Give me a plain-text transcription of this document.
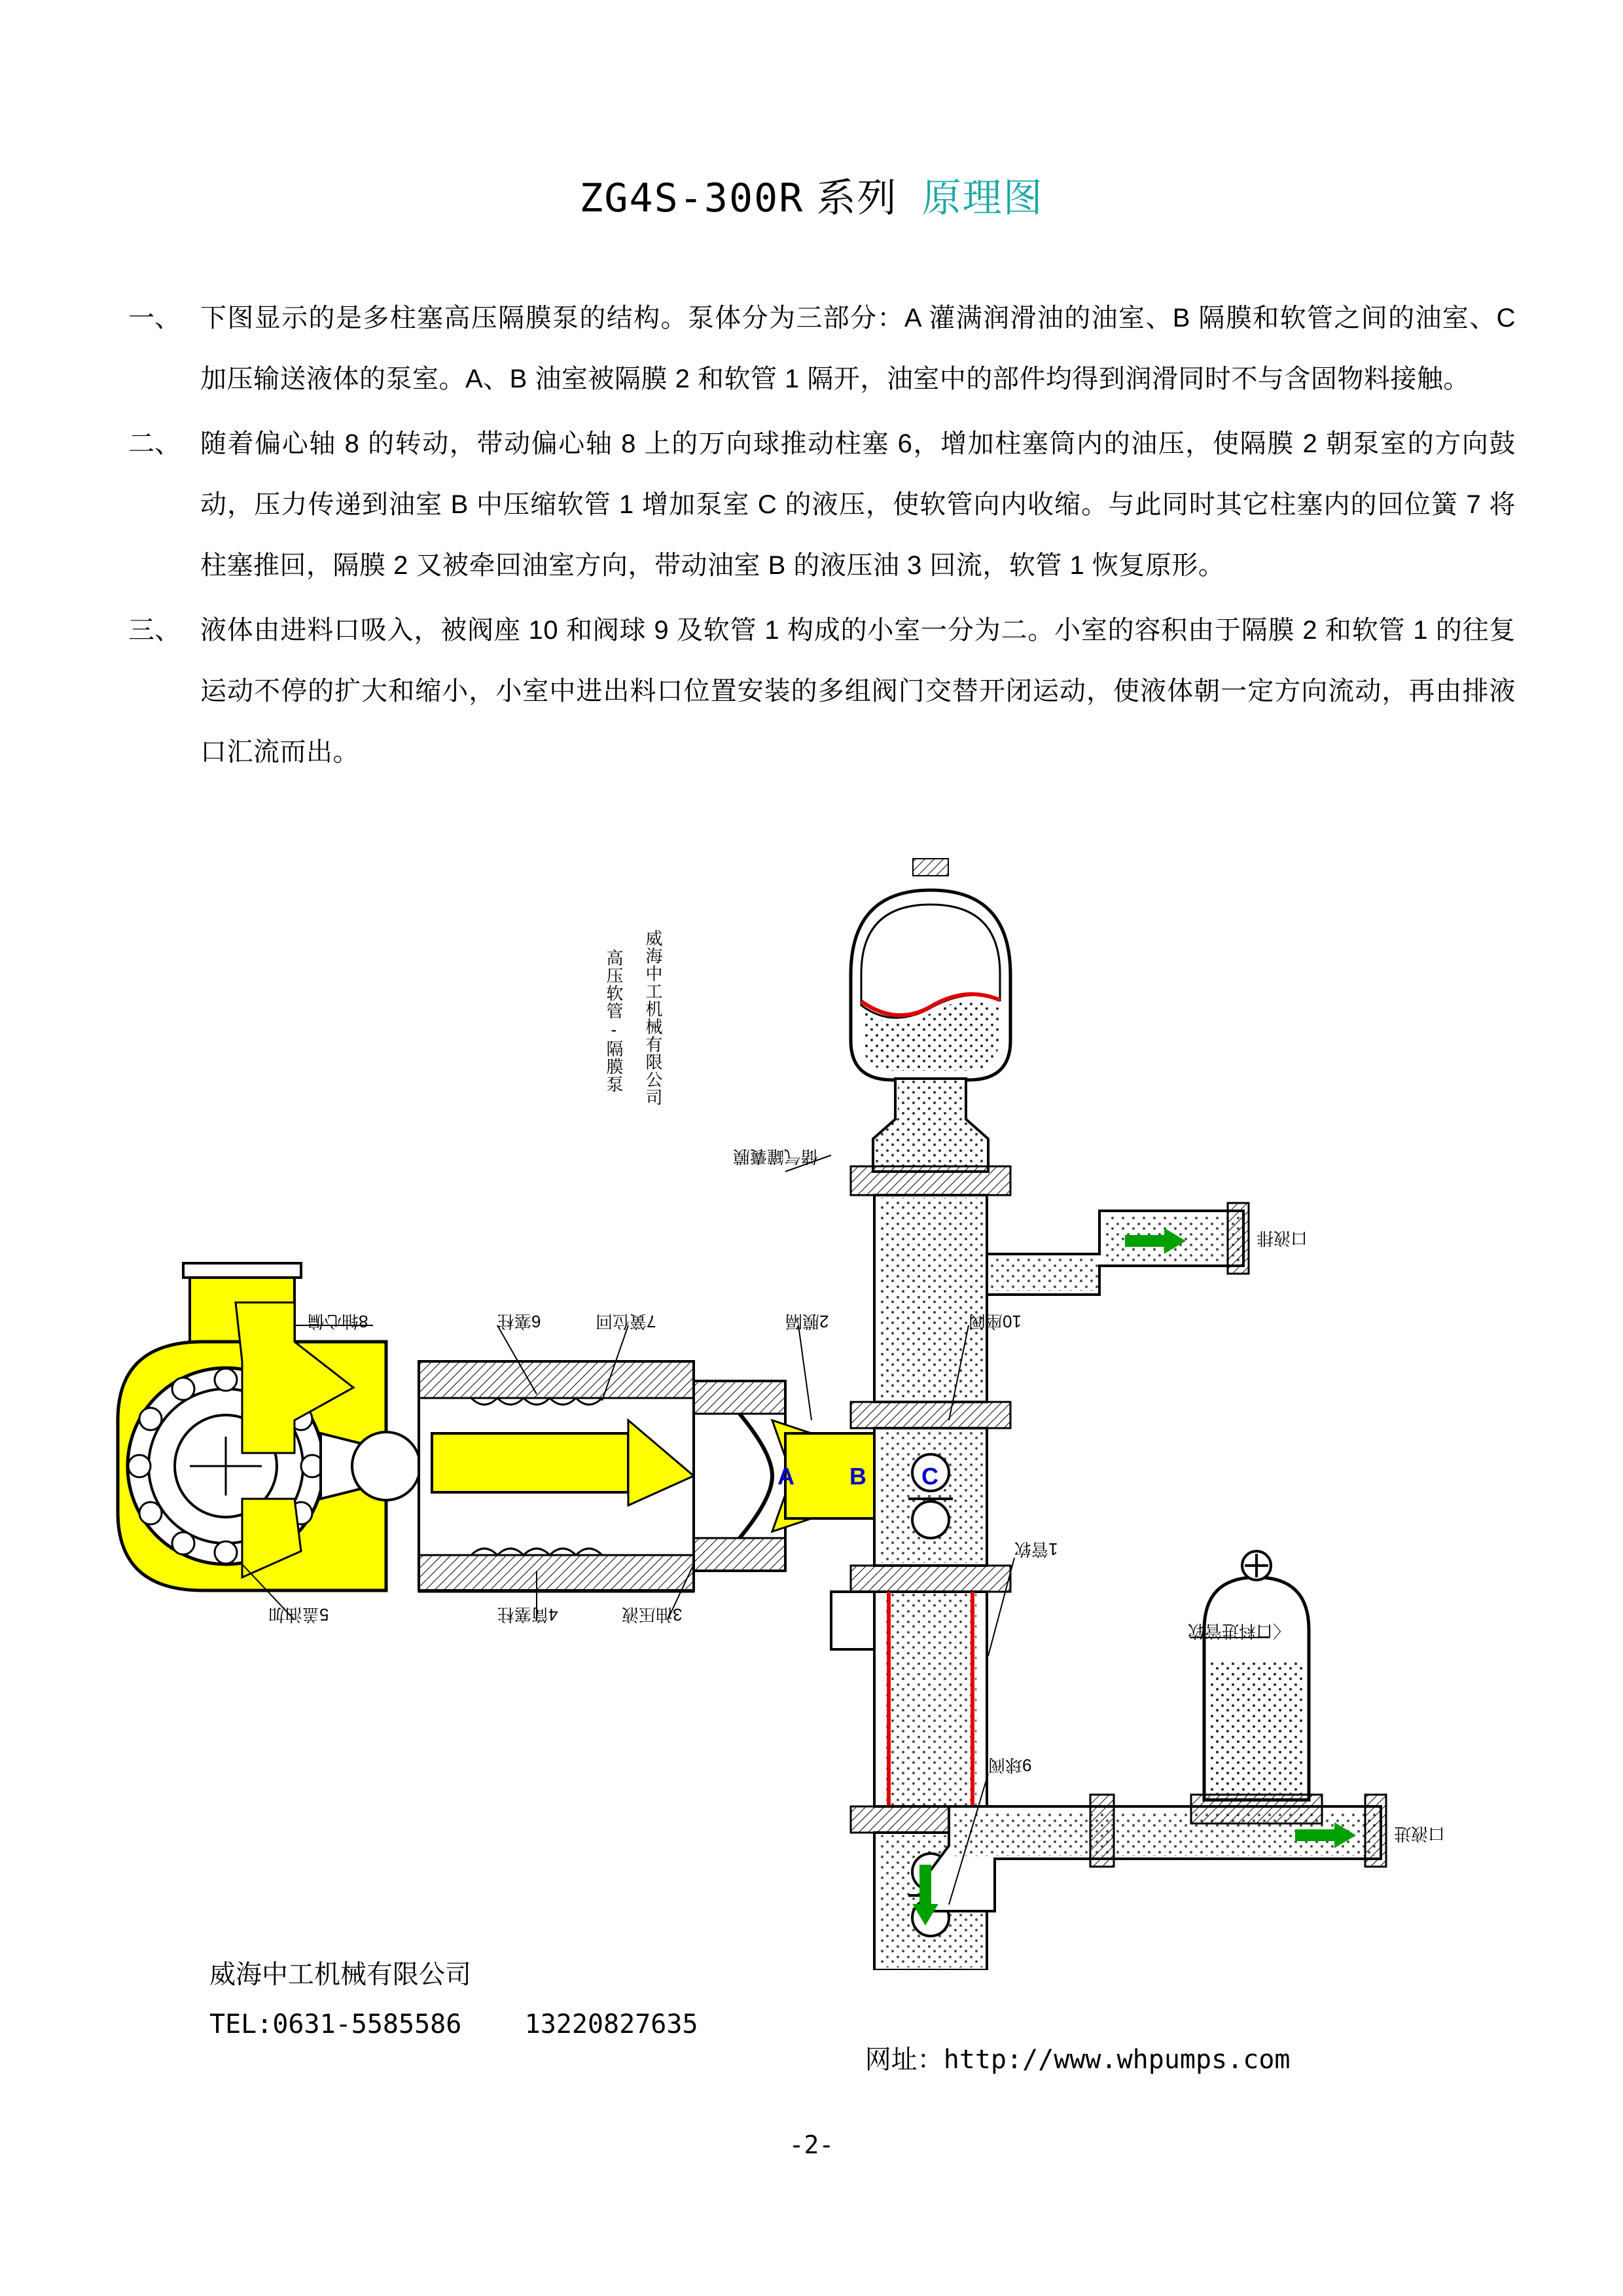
ZG4S-300R 系列 原理图
一、 下图显示的是多柱塞高压隔膜泵的结构。泵体分为三部分：A 灌满润滑油的油室、B 隔膜和软管之间的油室、C 加压输送液体的泵室。A、B 油室被隔膜 2 和软管 1 隔开，油室中的部件均得到润滑同时不与含固物料接触。
二、 随着偏心轴 8 的转动，带动偏心轴 8 上的万向球推动柱塞 6，增加柱塞筒内的油压，使隔膜 2 朝泵室的方向鼓动，压力传递到油室 B 中压缩软管 1 增加泵室 C 的液压，使软管向内收缩。与此同时其它柱塞内的回位簧 7 将柱塞推回，隔膜 2 又被牵回油室方向，带动油室 B 的液压油 3 回流，软管 1 恢复原形。
三、 液体由进料口吸入，被阀座 10 和阀球 9 及软管 1 构成的小室一分为二。小室的容积由于隔膜 2 和软管 1 的往复运动不停的扩大和缩小，小室中进出料口位置安装的多组阀门交替开闭运动，使液体朝一定方向流动，再由排液口汇流而出。
威海中工机械有限公司
高压软管-隔膜泵
储气罐囊膜
8轴心偏	6塞柱	7簧位回	2膜隔	10座阀
1管软
5盖油加	4筒塞柱	3油压液
9球阀
〈口料进管软
口液排
口液进
A B C
威海中工机械有限公司
TEL:0631-5585586    13220827635

网址：http://www.whpumps.com

-2-
